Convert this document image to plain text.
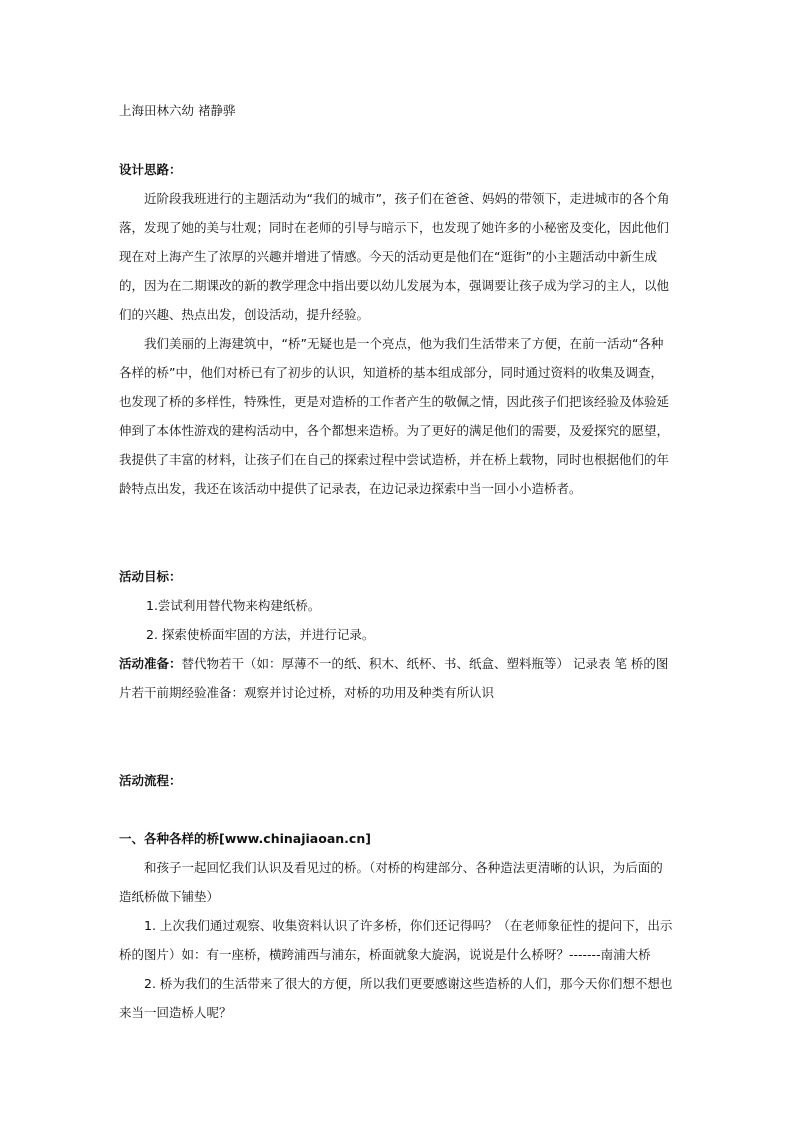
上海田林六幼 褚静骅

设计思路：

近阶段我班进行的主题活动为“我们的城市”，孩子们在爸爸、妈妈的带领下，走进城市的各个角落，发现了她的美与壮观；同时在老师的引导与暗示下，也发现了她许多的小秘密及变化，因此他们现在对上海产生了浓厚的兴趣并增进了情感。今天的活动更是他们在“逛街”的小主题活动中新生成的，因为在二期课改的新的教学理念中指出要以幼儿发展为本，强调要让孩子成为学习的主人，以他们的兴趣、热点出发，创设活动，提升经验。

我们美丽的上海建筑中，“桥”无疑也是一个亮点，他为我们生活带来了方便，在前一活动“各种各样的桥”中，他们对桥已有了初步的认识，知道桥的基本组成部分，同时通过资料的收集及调查，也发现了桥的多样性，特殊性，更是对造桥的工作者产生的敬佩之情，因此孩子们把该经验及体验延伸到了本体性游戏的建构活动中，各个都想来造桥。为了更好的满足他们的需要，及爱探究的愿望，我提供了丰富的材料，让孩子们在自己的探索过程中尝试造桥，并在桥上载物，同时也根据他们的年龄特点出发，我还在该活动中提供了记录表，在边记录边探索中当一回小小造桥者。

活动目标：

1.尝试利用替代物来构建纸桥。

2. 探索使桥面牢固的方法，并进行记录。

活动准备：替代物若干（如：厚薄不一的纸、积木、纸杯、书、纸盒、塑料瓶等） 记录表 笔 桥的图片若干前期经验准备：观察并讨论过桥，对桥的功用及种类有所认识

活动流程：

一、各种各样的桥[www.chinajiaoan.cn]

和孩子一起回忆我们认识及看见过的桥。（对桥的构建部分、各种造法更清晰的认识，为后面的造纸桥做下铺垫）

1. 上次我们通过观察、收集资料认识了许多桥，你们还记得吗？（在老师象征性的提问下，出示桥的图片）如：有一座桥，横跨浦西与浦东，桥面就象大旋涡，说说是什么桥呀？-------南浦大桥

2. 桥为我们的生活带来了很大的方便，所以我们更要感谢这些造桥的人们，那今天你们想不想也来当一回造桥人呢？
